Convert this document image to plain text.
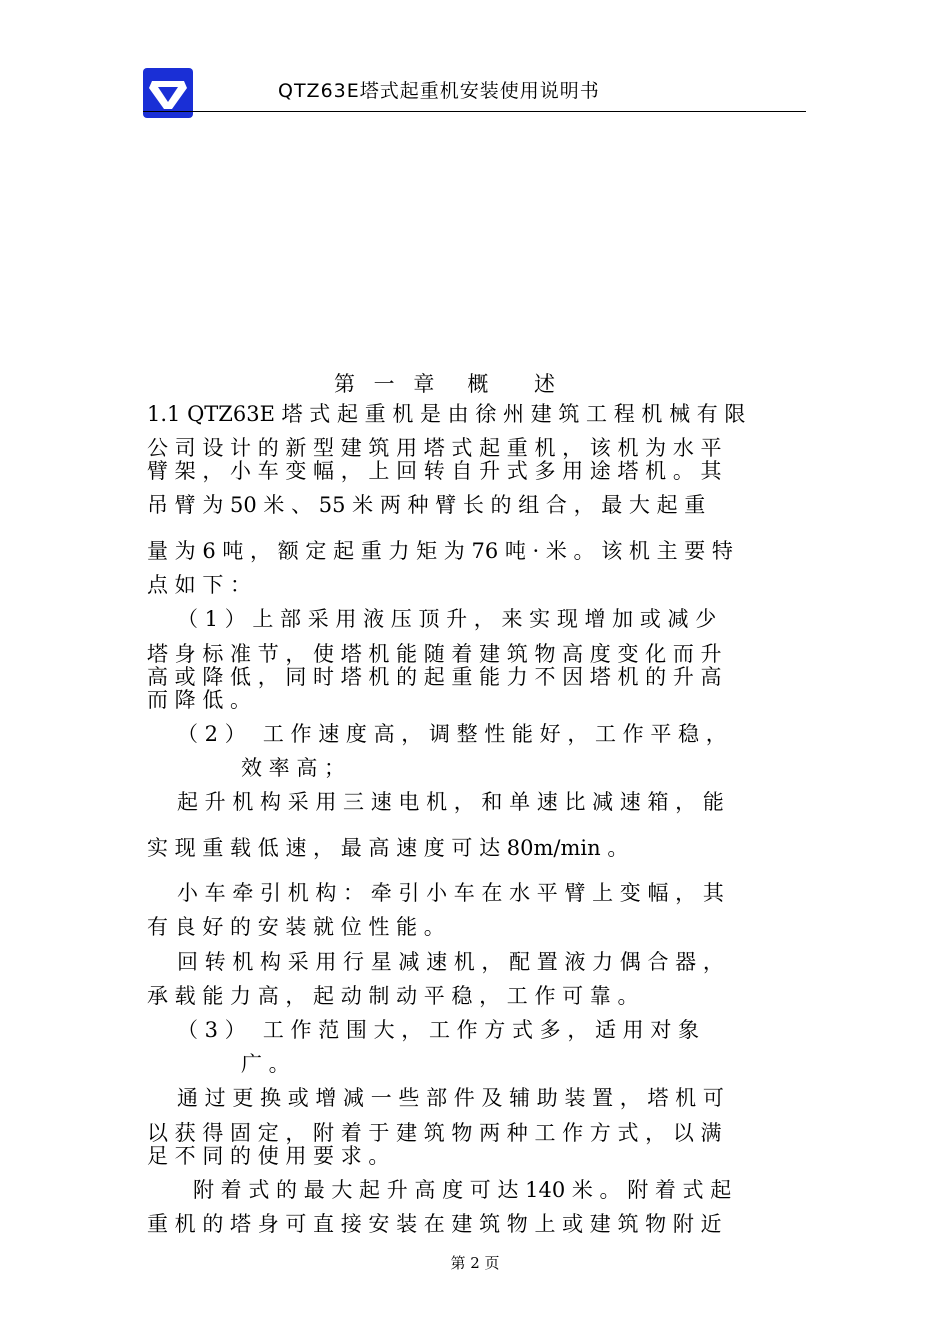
QTZ63E塔式起重机安装使用说明书
第 一 章　概　 述
1.1 QTZ63E 塔 式 起 重 机 是 由 徐 州 建 筑 工 程 机 械 有 限
公 司 设 计 的 新 型 建 筑 用 塔 式 起 重 机 ， 该 机 为 水 平
臂 架 ， 小 车 变 幅 ， 上 回 转 自 升 式 多 用 途 塔 机 。 其
吊 臂 为 50 米 、 55 米 两 种 臂 长 的 组 合 ， 最 大 起 重
量 为 6 吨 ， 额 定 起 重 力 矩 为 76 吨 · 米 。 该 机 主 要 特
点 如 下 ：
（ 1 ） 上 部 采 用 液 压 顶 升 ， 来 实 现 增 加 或 减 少
塔 身 标 准 节 ， 使 塔 机 能 随 着 建 筑 物 高 度 变 化 而 升
高 或 降 低 ， 同 时 塔 机 的 起 重 能 力 不 因 塔 机 的 升 高
而 降 低 。
（ 2 ）　 工 作 速 度 高 ， 调 整 性 能 好 ， 工 作 平 稳 ，
效 率 高 ；
起 升 机 构 采 用 三 速 电 机 ， 和 单 速 比 减 速 箱 ， 能
实 现 重 载 低 速 ， 最 高 速 度 可 达 80m/min 。
小 车 牵 引 机 构 ： 牵 引 小 车 在 水 平 臂 上 变 幅 ， 其
有 良 好 的 安 装 就 位 性 能 。
回 转 机 构 采 用 行 星 减 速 机 ， 配 置 液 力 偶 合 器 ，
承 载 能 力 高 ， 起 动 制 动 平 稳 ， 工 作 可 靠 。
（ 3 ）　 工 作 范 围 大 ， 工 作 方 式 多 ， 适 用 对 象
广 。
通 过 更 换 或 增 减 一 些 部 件 及 辅 助 装 置 ， 塔 机 可
以 获 得 固 定 ， 附 着 于 建 筑 物 两 种 工 作 方 式 ， 以 满
足 不 同 的 使 用 要 求 。
附 着 式 的 最 大 起 升 高 度 可 达 140 米 。 附 着 式 起
重 机 的 塔 身 可 直 接 安 装 在 建 筑 物 上 或 建 筑 物 附 近
第 2 页
